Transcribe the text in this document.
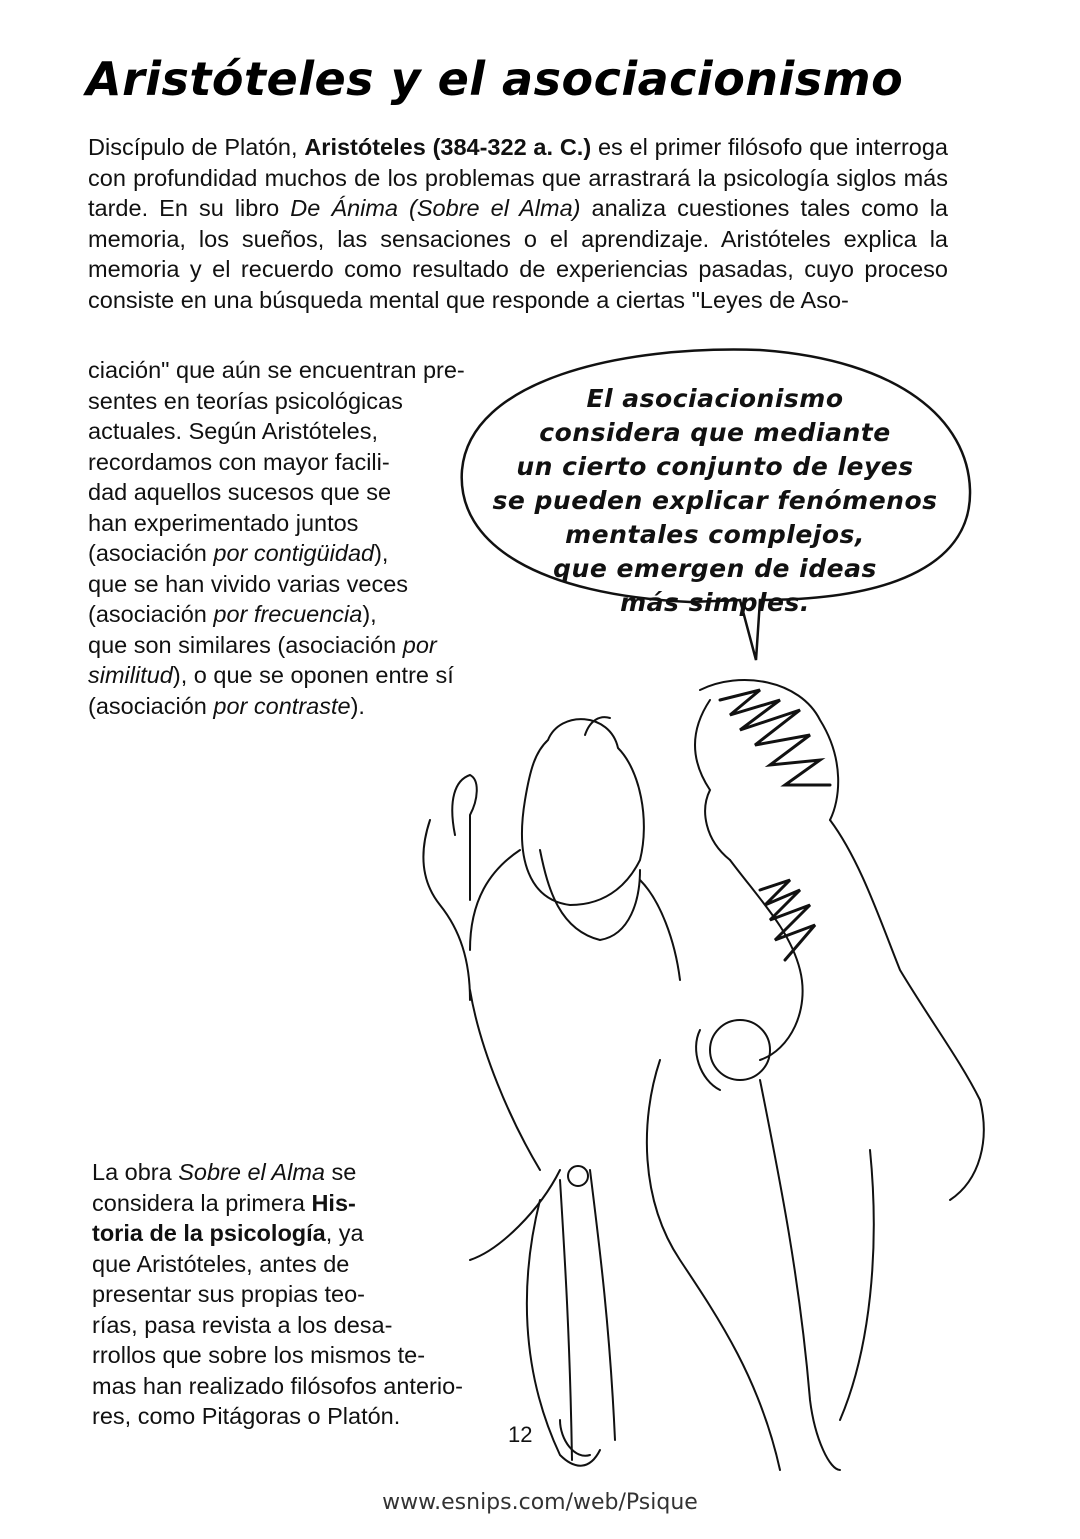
Aristóteles y el asociacionismo
Discípulo de Platón, Aristóteles (384-322 a. C.) es el primer filósofo que interroga con profundidad muchos de los problemas que arrastrará la psicología siglos más tarde. En su libro De Ánima (Sobre el Alma) analiza cuestiones tales como la memoria, los sueños, las sensaciones o el aprendizaje. Aristóteles explica la memoria y el recuerdo como resultado de experiencias pasadas, cuyo proceso consiste en una búsqueda mental que responde a ciertas "Leyes de Aso-
ciación" que aún se encuentran pre-
sentes en teorías psicológicas
actuales. Según Aristóteles,
recordamos con mayor facili-
dad aquellos sucesos que se
han experimentado juntos
(asociación por contigüidad),
que se han vivido varias veces
(asociación por frecuencia),
que son similares (asociación por
similitud), o que se oponen entre sí
(asociación por contraste).
El asociacionismo
considera que mediante
un cierto conjunto de leyes
se pueden explicar fenómenos
mentales complejos,
que emergen de ideas
más simples.
La obra Sobre el Alma se
considera la primera His-
toria de la psicología, ya
que Aristóteles, antes de
presentar sus propias teo-
rías, pasa revista a los desa-
rrollos que sobre los mismos te-
mas han realizado filósofos anterio-
res, como Pitágoras o Platón.
12
www.esnips.com/web/Psique
